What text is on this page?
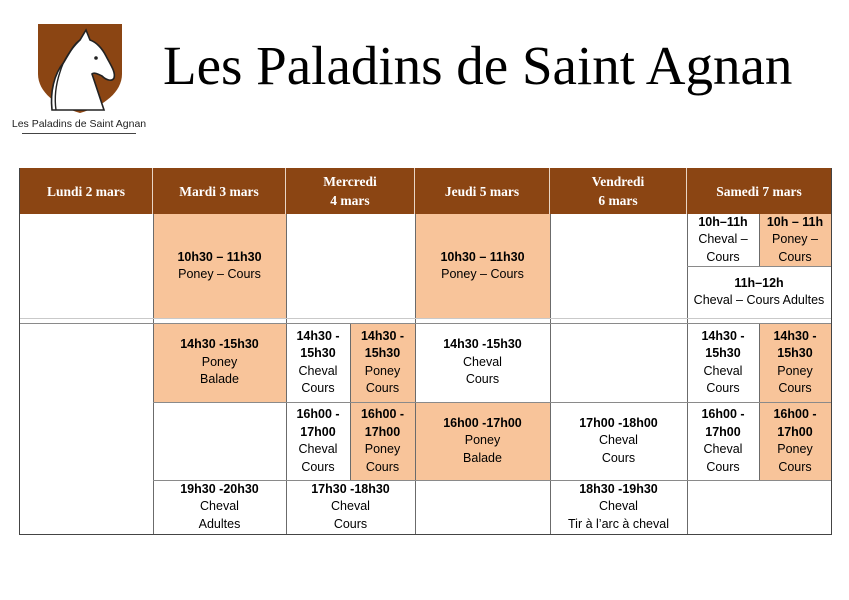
Les Paladins de Saint Agnan
Les Paladins de Saint Agnan
Lundi 2 mars	Mardi 3 mars
Mercredi
4 mars
Jeudi 5 mars
Vendredi
6 mars
Samedi 7 mars
10h30 – 11h30
Poney – Cours
10h30 – 11h30
Poney – Cours
10h–11h
Cheval –
Cours
10h – 11h
Poney –
Cours
11h–12h
Cheval – Cours Adultes
14h30 -15h30
Poney
Balade
14h30 -
15h30
Cheval
Cours
14h30 -
15h30
Poney
Cours
14h30 -15h30
Cheval
Cours
14h30 -
15h30
Cheval
Cours
14h30 -
15h30
Poney
Cours
16h00 -
17h00
Cheval
Cours
16h00 -
17h00
Poney
Cours
16h00 -17h00
Poney
Balade
17h00 -18h00
Cheval
Cours
16h00 -
17h00
Cheval
Cours
16h00 -
17h00
Poney
Cours
19h30 -20h30
Cheval
Adultes
17h30 -18h30
Cheval
Cours
18h30 -19h30
Cheval
Tir à l’arc à cheval
